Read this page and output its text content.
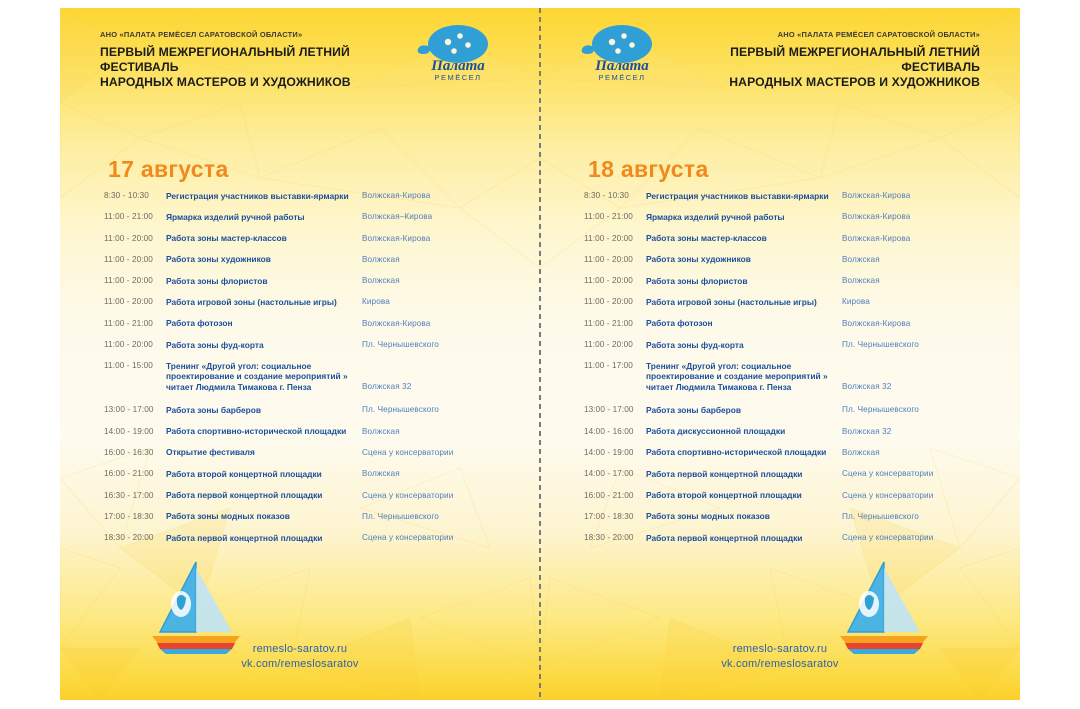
АНО «ПАЛАТА РЕМЁСЕЛ САРАТОВСКОЙ ОБЛАСТИ»
ПЕРВЫЙ МЕЖРЕГИОНАЛЬНЫЙ ЛЕТНИЙ ФЕСТИВАЛЬ
НАРОДНЫХ МАСТЕРОВ И ХУДОЖНИКОВ
Палата
РЕМЁСЕЛ
17 августа
8:30 - 10:30	Регистрация участников выставки-ярмарки	Волжская-Кирова
11:00 - 21:00	Ярмарка изделий ручной работы	Волжская–Кирова
11:00 - 20:00	Работа зоны мастер-классов	Волжская-Кирова
11:00 - 20:00	Работа зоны художников	Волжская
11:00 - 20:00	Работа зоны флористов	Волжская
11:00 - 20:00	Работа игровой зоны (настольные игры)	Кирова
11:00 - 21:00	Работа фотозон	Волжская-Кирова
11:00 - 20:00	Работа зоны фуд-корта	Пл. Чернышевского
11:00 - 15:00	Тренинг «Другой угол: социальное проектирование и создание мероприятий » читает Людмила Тимакова г. Пенза	Волжская 32
13:00 - 17:00	Работа зоны барберов	Пл. Чернышевского
14:00 - 19:00	Работа спортивно-исторической площадки	Волжская
16:00 - 16:30	Открытие фестиваля	Сцена у консерватории
16:00 - 21:00	Работа второй концертной площадки	Волжская
16:30 - 17:00	Работа первой концертной площадки	Сцена у консерватории
17:00 - 18:30	Работа зоны модных показов	Пл. Чернышевского
18:30 - 20:00	Работа первой концертной площадки	Сцена у консерватории
remeslo-saratov.ru
vk.com/remeslosaratov
АНО «ПАЛАТА РЕМЁСЕЛ САРАТОВСКОЙ ОБЛАСТИ»
ПЕРВЫЙ МЕЖРЕГИОНАЛЬНЫЙ ЛЕТНИЙ ФЕСТИВАЛЬ
НАРОДНЫХ МАСТЕРОВ И ХУДОЖНИКОВ
Палата
РЕМЁСЕЛ
18 августа
8:30 - 10:30	Регистрация участников выставки-ярмарки	Волжская-Кирова
11:00 - 21:00	Ярмарка изделий ручной работы	Волжская-Кирова
11:00 - 20:00	Работа зоны мастер-классов	Волжская-Кирова
11:00 - 20:00	Работа зоны художников	Волжская
11:00 - 20:00	Работа зоны флористов	Волжская
11:00 - 20:00	Работа игровой зоны (настольные игры)	Кирова
11:00 - 21:00	Работа фотозон	Волжская-Кирова
11:00 - 20:00	Работа зоны фуд-корта	Пл. Чернышевского
11:00 - 17:00	Тренинг «Другой угол: социальное проектирование и создание мероприятий » читает Людмила Тимакова г. Пенза	Волжская 32
13:00 - 17:00	Работа зоны барберов	Пл. Чернышевского
14:00 - 16:00	Работа дискуссионной площадки	Волжская 32
14:00 - 19:00	Работа спортивно-исторической площадки	Волжская
14:00 - 17:00	Работа первой концертной площадки	Сцена у консерватории
16:00 - 21:00	Работа второй концертной площадки	Сцена у консерватории
17:00 - 18:30	Работа зоны модных показов	Пл. Чернышевского
18:30 - 20:00	Работа первой концертной площадки	Сцена у консерватории
remeslo-saratov.ru
vk.com/remeslosaratov
